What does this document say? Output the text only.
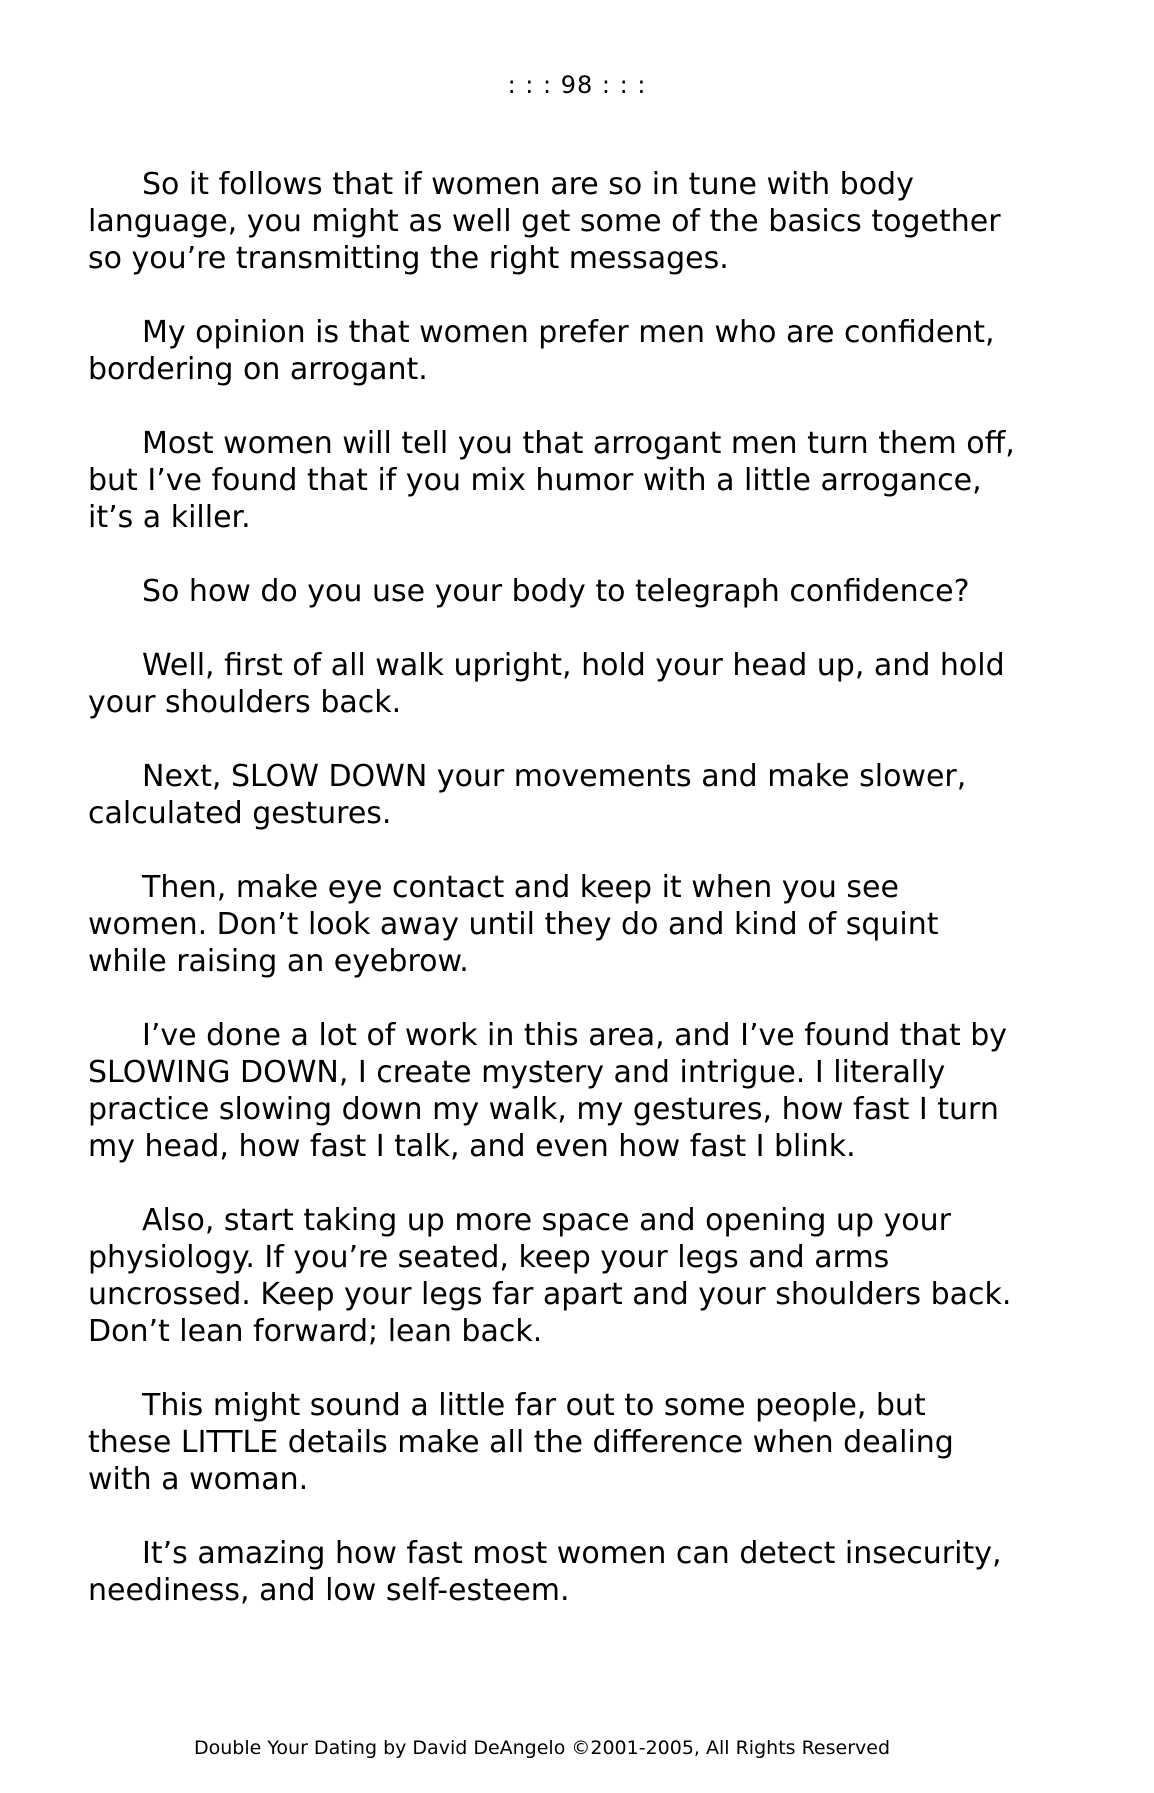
: : : 98 : : :

So it follows that if women are so in tune with body language, you might as well get some of the basics together so you’re transmitting the right messages.

My opinion is that women prefer men who are confident, bordering on arrogant.

Most women will tell you that arrogant men turn them off, but I’ve found that if you mix humor with a little arrogance, it’s a killer.

So how do you use your body to telegraph confidence?

Well, first of all walk upright, hold your head up, and hold your shoulders back.

Next, SLOW DOWN your movements and make slower, calculated gestures.

Then, make eye contact and keep it when you see women. Don’t look away until they do and kind of squint while raising an eyebrow.

I’ve done a lot of work in this area, and I’ve found that by SLOWING DOWN, I create mystery and intrigue. I literally practice slowing down my walk, my gestures, how fast I turn my head, how fast I talk, and even how fast I blink.

Also, start taking up more space and opening up your physiology. If you’re seated, keep your legs and arms uncrossed. Keep your legs far apart and your shoulders back. Don’t lean forward; lean back.

This might sound a little far out to some people, but these LITTLE details make all the difference when dealing with a woman.

It’s amazing how fast most women can detect insecurity, neediness, and low self-esteem.

Double Your Dating by David DeAngelo ©2001-2005, All Rights Reserved
